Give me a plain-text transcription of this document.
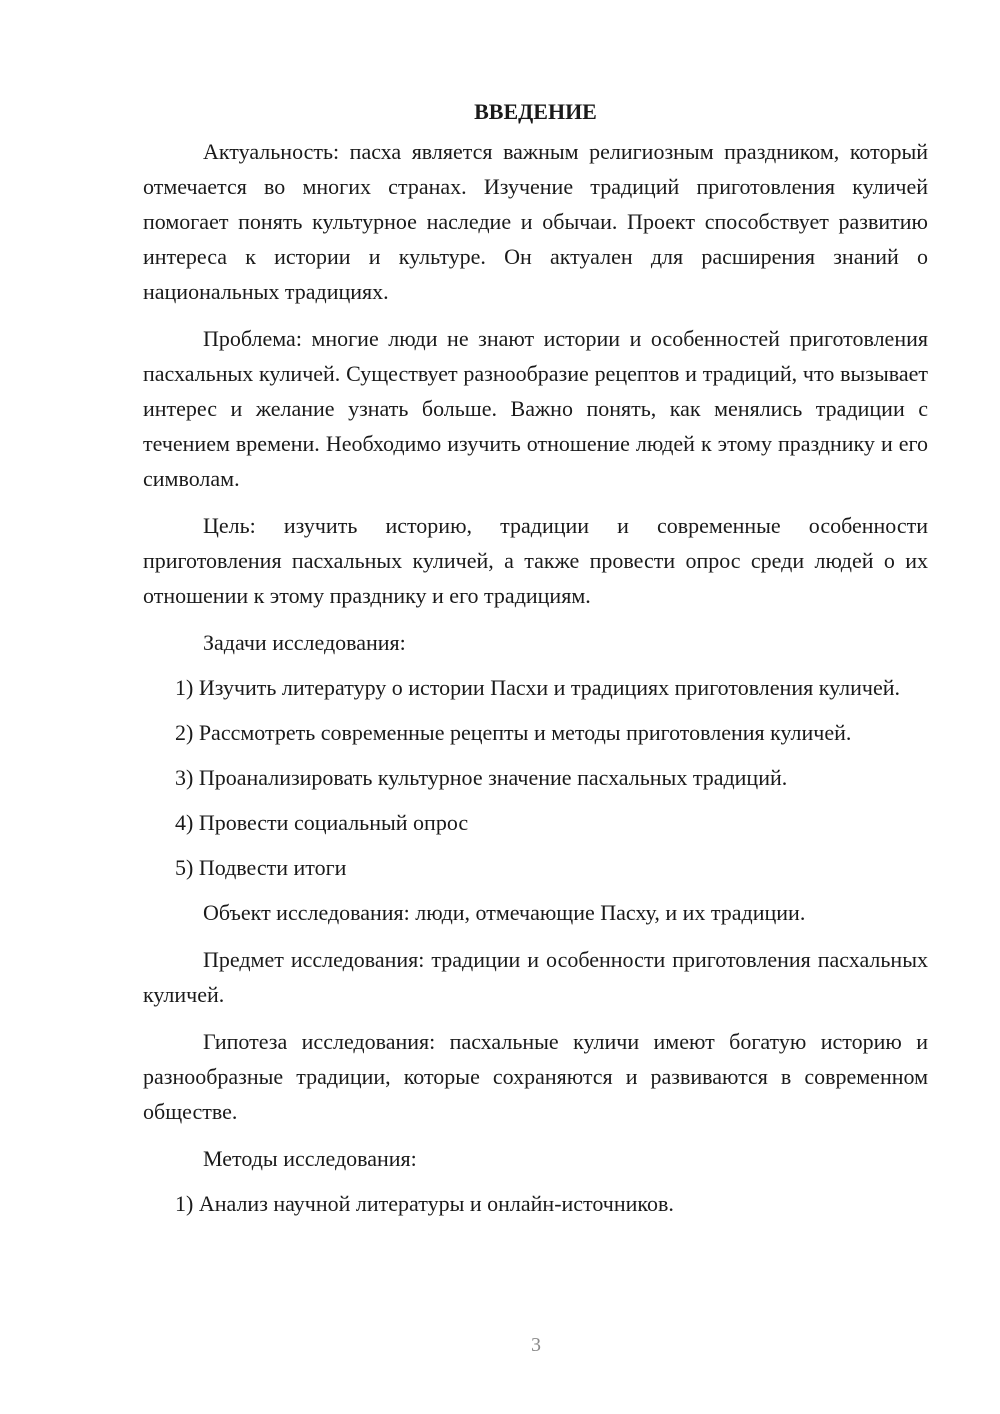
ВВЕДЕНИЕ

Актуальность: пасха является важным религиозным праздником, который отмечается во многих странах. Изучение традиций приготовления куличей помогает понять культурное наследие и обычаи. Проект способствует развитию интереса к истории и культуре. Он актуален для расширения знаний о национальных традициях.

Проблема: многие люди не знают истории и особенностей приготовления пасхальных куличей. Существует разнообразие рецептов и традиций, что вызывает интерес и желание узнать больше. Важно понять, как менялись традиции с течением времени. Необходимо изучить отношение людей к этому празднику и его символам.

Цель: изучить историю, традиции и современные особенности приготовления пасхальных куличей, а также провести опрос среди людей о их отношении к этому празднику и его традициям.

Задачи исследования:

1) Изучить литературу о истории Пасхи и традициях приготовления куличей.

2) Рассмотреть современные рецепты и методы приготовления куличей.

3) Проанализировать культурное значение пасхальных традиций.

4) Провести социальный опрос

5) Подвести итоги

Объект исследования: люди, отмечающие Пасху, и их традиции.

Предмет исследования: традиции и особенности приготовления пасхальных куличей.

Гипотеза исследования: пасхальные куличи имеют богатую историю и разнообразные традиции, которые сохраняются и развиваются в современном обществе.

Методы исследования:

1) Анализ научной литературы и онлайн-источников.

3
